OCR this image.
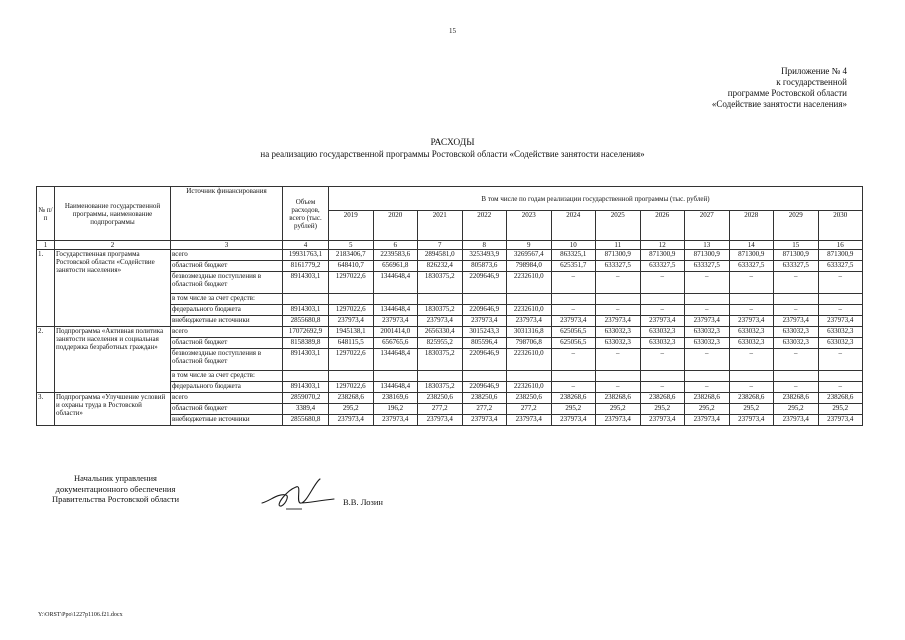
15
Приложение № 4
к государственной
программе Ростовской области
«Содействие занятости населения»
РАСХОДЫ
на реализацию государственной программы Ростовской области «Содействие занятости населения»
№ п/п	Наименование государственной программы, наименование подпрограммы	Источник финансирования	Объем расходов, всего (тыс. рублей)	В том числе по годам реализации государственной программы (тыс. рублей)											
				2019	2020	2021	2022	2023	2024	2025	2026	2027	2028	2029	2030
1	2	3	4	5	6	7	8	9	10	11	12	13	14	15	16
1.	Государственная программа Ростовской области «Содействие занятости населения»	всего	19931763,1	2183406,7	2239583,6	2894581,0	3253493,9	3269567,4	863325,1	871300,9	871300,9	871300,9	871300,9	871300,9	871300,9
		областной бюджет	8161779,2	648410,7	656961,8	826232,4	805873,6	798984,0	625351,7	633327,5	633327,5	633327,5	633327,5	633327,5	633327,5
		безвозмездные поступления в областной бюджет	8914303,1	1297022,6	1344648,4	1830375,2	2209646,9	2232610,0	–	–	–	–	–	–	–
		в том числе за счет средств:													
		федерального бюджета	8914303,1	1297022,6	1344648,4	1830375,2	2209646,9	2232610,0	–	–	–	–	–	–	–
		внебюджетные источники	2855680,8	237973,4	237973,4	237973,4	237973,4	237973,4	237973,4	237973,4	237973,4	237973,4	237973,4	237973,4	237973,4
2.	Подпрограмма «Активная политика занятости населения и социальная поддержка безработных граждан»	всего	17072692,9	1945138,1	2001414,0	2656330,4	3015243,3	3031316,8	625056,5	633032,3	633032,3	633032,3	633032,3	633032,3	633032,3
		областной бюджет	8158389,8	648115,5	656765,6	825955,2	805596,4	798706,8	625056,5	633032,3	633032,3	633032,3	633032,3	633032,3	633032,3
		безвозмездные поступления в областной бюджет	8914303,1	1297022,6	1344648,4	1830375,2	2209646,9	2232610,0	–	–	–	–	–	–	–
		в том числе за счет средств:													
		федерального бюджета	8914303,1	1297022,6	1344648,4	1830375,2	2209646,9	2232610,0	–	–	–	–	–	–	–
3.	Подпрограмма «Улучшение условий и охраны труда в Ростовской области»	всего	2859070,2	238268,6	238169,6	238250,6	238250,6	238250,6	238268,6	238268,6	238268,6	238268,6	238268,6	238268,6	238268,6
		областной бюджет	3389,4	295,2	196,2	277,2	277,2	277,2	295,2	295,2	295,2	295,2	295,2	295,2	295,2
		внебюджетные источники	2855680,8	237973,4	237973,4	237973,4	237973,4	237973,4	237973,4	237973,4	237973,4	237973,4	237973,4	237973,4	237973,4
Начальник управления
документационного обеспечения
Правительства Ростовской области	В.В. Лозин
Y:\ORST\Ppo\1227p1106.f21.docx
